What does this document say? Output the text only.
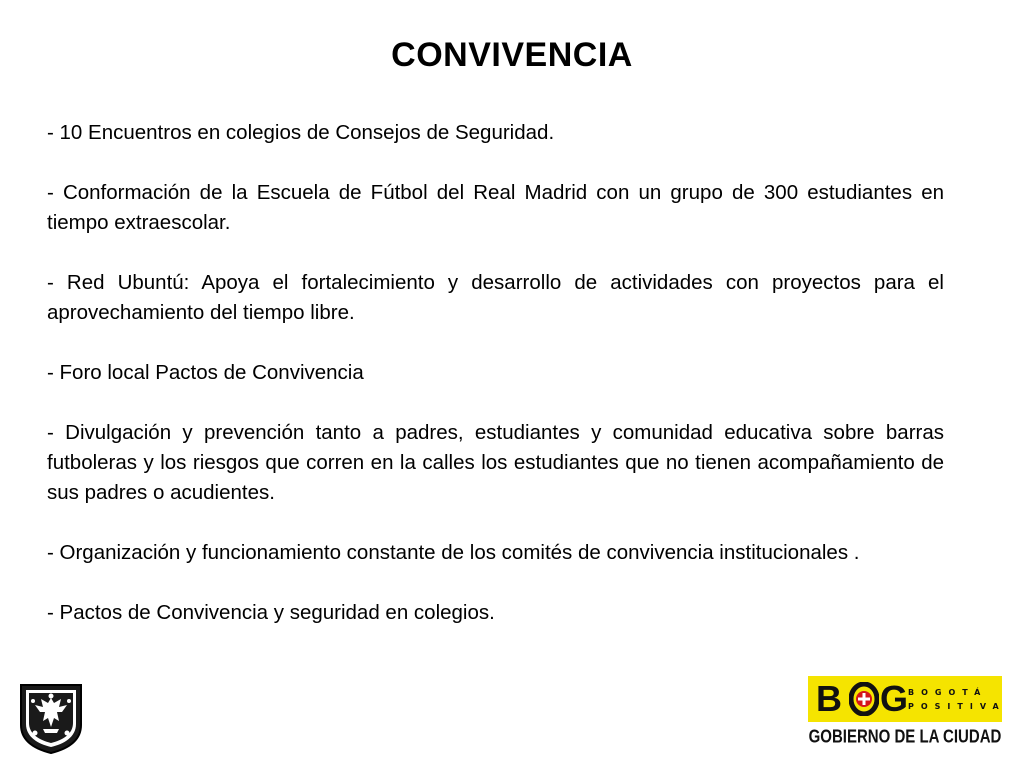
CONVIVENCIA

- 10 Encuentros en colegios de Consejos de Seguridad.

- Conformación de la Escuela de Fútbol del Real Madrid con un grupo de 300 estudiantes en tiempo extraescolar.

- Red Ubuntú: Apoya el fortalecimiento y desarrollo de actividades con proyectos para el aprovechamiento del tiempo libre.

- Foro local Pactos de Convivencia

- Divulgación y prevención tanto a padres, estudiantes y comunidad educativa sobre barras futboleras y los riesgos que corren en la calles los estudiantes que no tienen acompañamiento de sus padres o acudientes.

- Organización y funcionamiento constante de los comités de convivencia institucionales .

- Pactos de Convivencia y seguridad en colegios.

B G BOGOTÁ
POSITIVA
GOBIERNO DE LA CIUDAD
